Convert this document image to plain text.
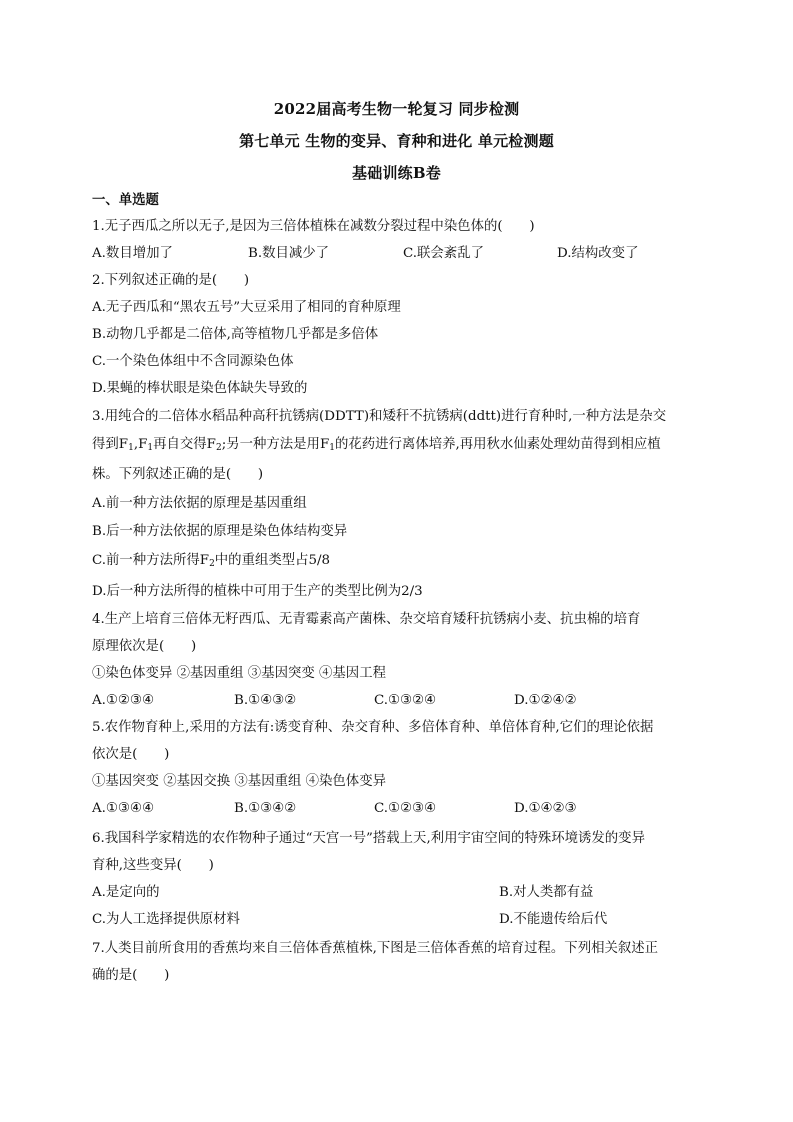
2022届高考生物一轮复习 同步检测
第七单元 生物的变异、育种和进化 单元检测题
基础训练B卷
一、单选题
1.无子西瓜之所以无子,是因为三倍体植株在减数分裂过程中染色体的(　　)
A.数目增加了	B.数目减少了	C.联会紊乱了	D.结构改变了
2.下列叙述正确的是(　　)
A.无子西瓜和“黑农五号”大豆采用了相同的育种原理
B.动物几乎都是二倍体,高等植物几乎都是多倍体
C.一个染色体组中不含同源染色体
D.果蝇的棒状眼是染色体缺失导致的
3.用纯合的二倍体水稻品种高秆抗锈病(DDTT)和矮秆不抗锈病(ddtt)进行育种时,一种方法是杂交
得到$F_1,F_1$再自交得$F_2$;另一种方法是用$F_1$的花药进行离体培养,再用秋水仙素处理幼苗得到相应植
株。下列叙述正确的是(　　)
A.前一种方法依据的原理是基因重组
B.后一种方法依据的原理是染色体结构变异
C.前一种方法所得$F_2$中的重组类型占5/8
D.后一种方法所得的植株中可用于生产的类型比例为2/3
4.生产上培育三倍体无籽西瓜、无青霉素高产菌株、杂交培育矮秆抗锈病小麦、抗虫棉的培育
原理依次是(　　)
①染色体变异 ②基因重组 ③基因突变 ④基因工程
A.①②③④	B.①④③②	C.①③②④	D.①②④②
5.农作物育种上,采用的方法有:诱变育种、杂交育种、多倍体育种、单倍体育种,它们的理论依据
依次是(　　)
①基因突变 ②基因交换 ③基因重组 ④染色体变异
A.①③④④	B.①③④②	C.①②③④	D.①④②③
6.我国科学家精选的农作物种子通过“天宫一号”搭载上天,利用宇宙空间的特殊环境诱发的变异
育种,这些变异(　　)
A.是定向的	B.对人类都有益
C.为人工选择提供原材料	D.不能遗传给后代
7.人类目前所食用的香蕉均来自三倍体香蕉植株,下图是三倍体香蕉的培育过程。下列相关叙述正
确的是(　　)
